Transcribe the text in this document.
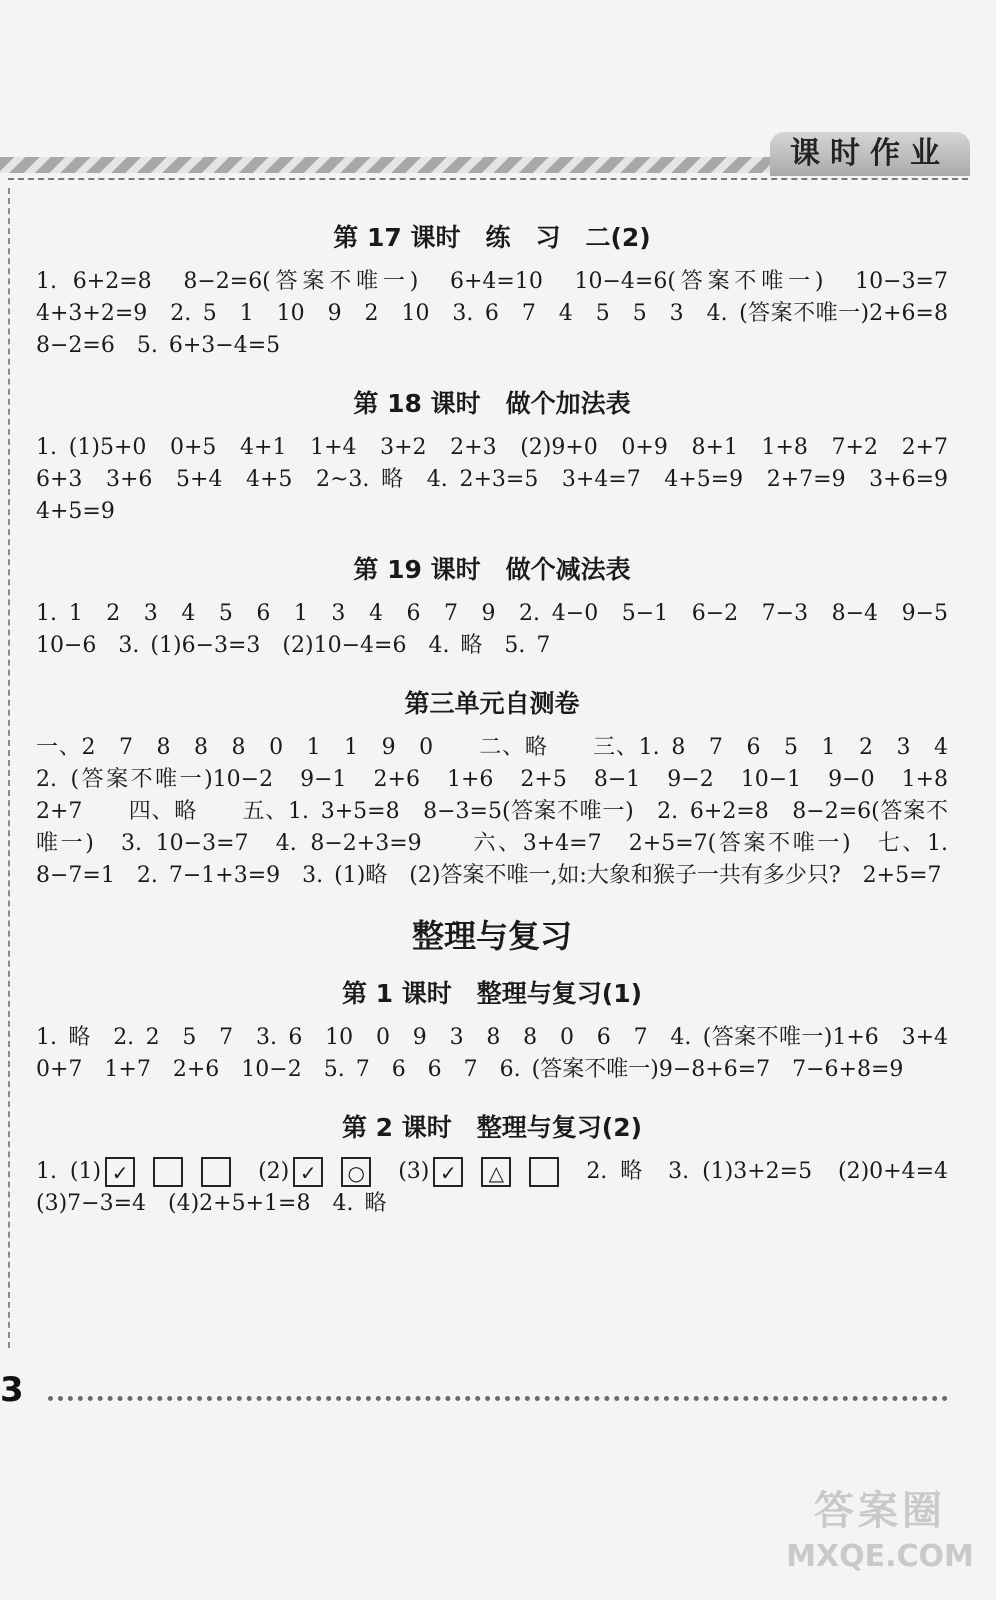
课时作业
第 17 课时　练　习　二(2)

1. 6+2=8　8−2=6(答案不唯一)　6+4=10　10−4=6(答案不唯一)　10−3=7　4+3+2=9　2. 5　1　10　9　2　10　3. 6　7　4　5　5　3　4. (答案不唯一)2+6=8　8−2=6　5. 6+3−4=5

第 18 课时　做个加法表

1. (1)5+0　0+5　4+1　1+4　3+2　2+3　(2)9+0　0+9　8+1　1+8　7+2　2+7　6+3　3+6　5+4　4+5　2~3. 略　4. 2+3=5　3+4=7　4+5=9　2+7=9　3+6=9　4+5=9

第 19 课时　做个减法表

1. 1　2　3　4　5　6　1　3　4　6　7　9　2. 4−0　5−1　6−2　7−3　8−4　9−5　10−6　3. (1)6−3=3　(2)10−4=6　4. 略　5. 7

第三单元自测卷

一、2　7　8　8　8　0　1　1　9　0　　二、略　　三、1. 8　7　6　5　1　2　3　4　2. (答案不唯一)10−2　9−1　2+6　1+6　2+5　8−1　9−2　10−1　9−0　1+8　2+7　　四、略　　五、1. 3+5=8　8−3=5(答案不唯一)　2. 6+2=8　8−2=6(答案不唯一)　3. 10−3=7　4. 8−2+3=9　　六、3+4=7　2+5=7(答案不唯一)　七、1. 8−7=1　2. 7−1+3=9　3. (1)略　(2)答案不唯一,如:大象和猴子一共有多少只?　2+5=7

整理与复习
第 1 课时　整理与复习(1)

1. 略　2. 2　5　7　3. 6　10　0　9　3　8　8　0　6　7　4. (答案不唯一)1+6　3+4　0+7　1+7　2+6　10−2　5. 7　6　6　7　6. (答案不唯一)9−8+6=7　7−6+8=9

第 2 课时　整理与复习(2)

1. (1) ✓	(2) ✓ ○ (3) ✓ △	2. 略　3. (1)3+2=5　(2)0+4=4　(3)7−3=4　(4)2+5+1=8　4. 略

3
答案圈
MXQE.COM
